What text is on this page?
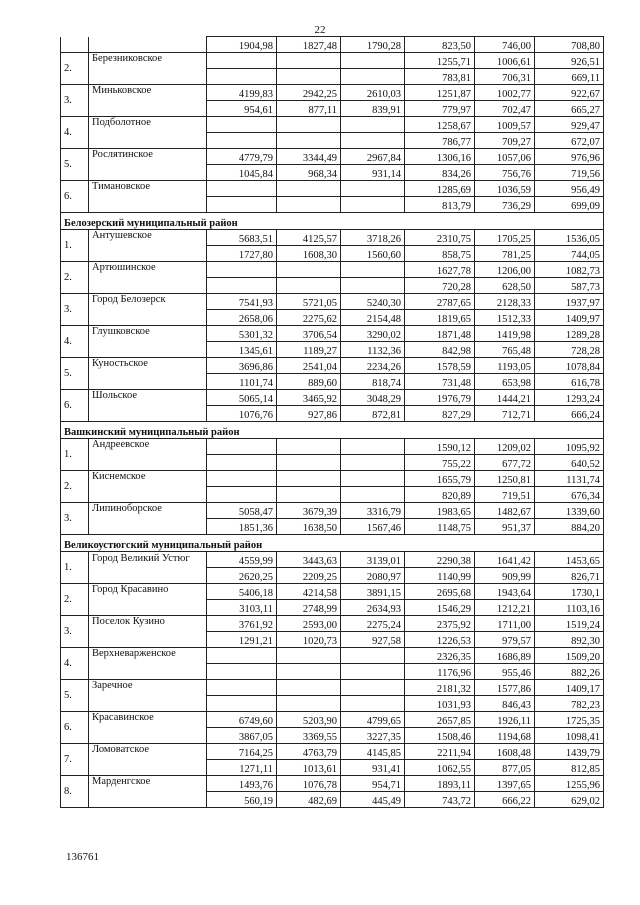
22
		1904,98	1827,48	1790,28	823,50	746,00	708,80
2.	Березниковское				1255,71	1006,61	926,51
					783,81	706,31	669,11
3.	Миньковское	4199,83	2942,25	2610,03	1251,87	1002,77	922,67
		954,61	877,11	839,91	779,97	702,47	665,27
4.	Подболотное				1258,67	1009,57	929,47
					786,77	709,27	672,07
5.	Рослятинское	4779,79	3344,49	2967,84	1306,16	1057,06	976,96
		1045,84	968,34	931,14	834,26	756,76	719,56
6.	Тимановское				1285,69	1036,59	956,49
					813,79	736,29	699,09
Белозерский муниципальный район							
1.	Антушевское	5683,51	4125,57	3718,26	2310,75	1705,25	1536,05
		1727,80	1608,30	1560,60	858,75	781,25	744,05
2.	Артюшинское				1627,78	1206,00	1082,73
					720,28	628,50	587,73
3.	Город Белозерск	7541,93	5721,05	5240,30	2787,65	2128,33	1937,97
		2658,06	2275,62	2154,48	1819,65	1512,33	1409,97
4.	Глушковское	5301,32	3706,54	3290,02	1871,48	1419,98	1289,28
		1345,61	1189,27	1132,36	842,98	765,48	728,28
5.	Куностьское	3696,86	2541,04	2234,26	1578,59	1193,05	1078,84
		1101,74	889,60	818,74	731,48	653,98	616,78
6.	Шольское	5065,14	3465,92	3048,29	1976,79	1444,21	1293,24
		1076,76	927,86	872,81	827,29	712,71	666,24
Вашкинский муниципальный район							
1.	Андреевское				1590,12	1209,02	1095,92
					755,22	677,72	640,52
2.	Киснемское				1655,79	1250,81	1131,74
					820,89	719,51	676,34
3.	Липиноборское	5058,47	3679,39	3316,79	1983,65	1482,67	1339,60
		1851,36	1638,50	1567,46	1148,75	951,37	884,20
Великоустюгский муниципальный район							
1.	Город Великий Устюг	4559,99	3443,63	3139,01	2290,38	1641,42	1453,65
		2620,25	2209,25	2080,97	1140,99	909,99	826,71
2.	Город Красавино	5406,18	4214,58	3891,15	2695,68	1943,64	1730,1
		3103,11	2748,99	2634,93	1546,29	1212,21	1103,16
3.	Поселок Кузино	3761,92	2593,00	2275,24	2375,92	1711,00	1519,24
		1291,21	1020,73	927,58	1226,53	979,57	892,30
4.	Верхневарженское				2326,35	1686,89	1509,20
					1176,96	955,46	882,26
5.	Заречное				2181,32	1577,86	1409,17
					1031,93	846,43	782,23
6.	Красавинское	6749,60	5203,90	4799,65	2657,85	1926,11	1725,35
		3867,05	3369,55	3227,35	1508,46	1194,68	1098,41
7.	Ломоватское	7164,25	4763,79	4145,85	2211,94	1608,48	1439,79
		1271,11	1013,61	931,41	1062,55	877,05	812,85
8.	Марденгское	1493,76	1076,78	954,71	1893,11	1397,65	1255,96
		560,19	482,69	445,49	743,72	666,22	629,02
136761
